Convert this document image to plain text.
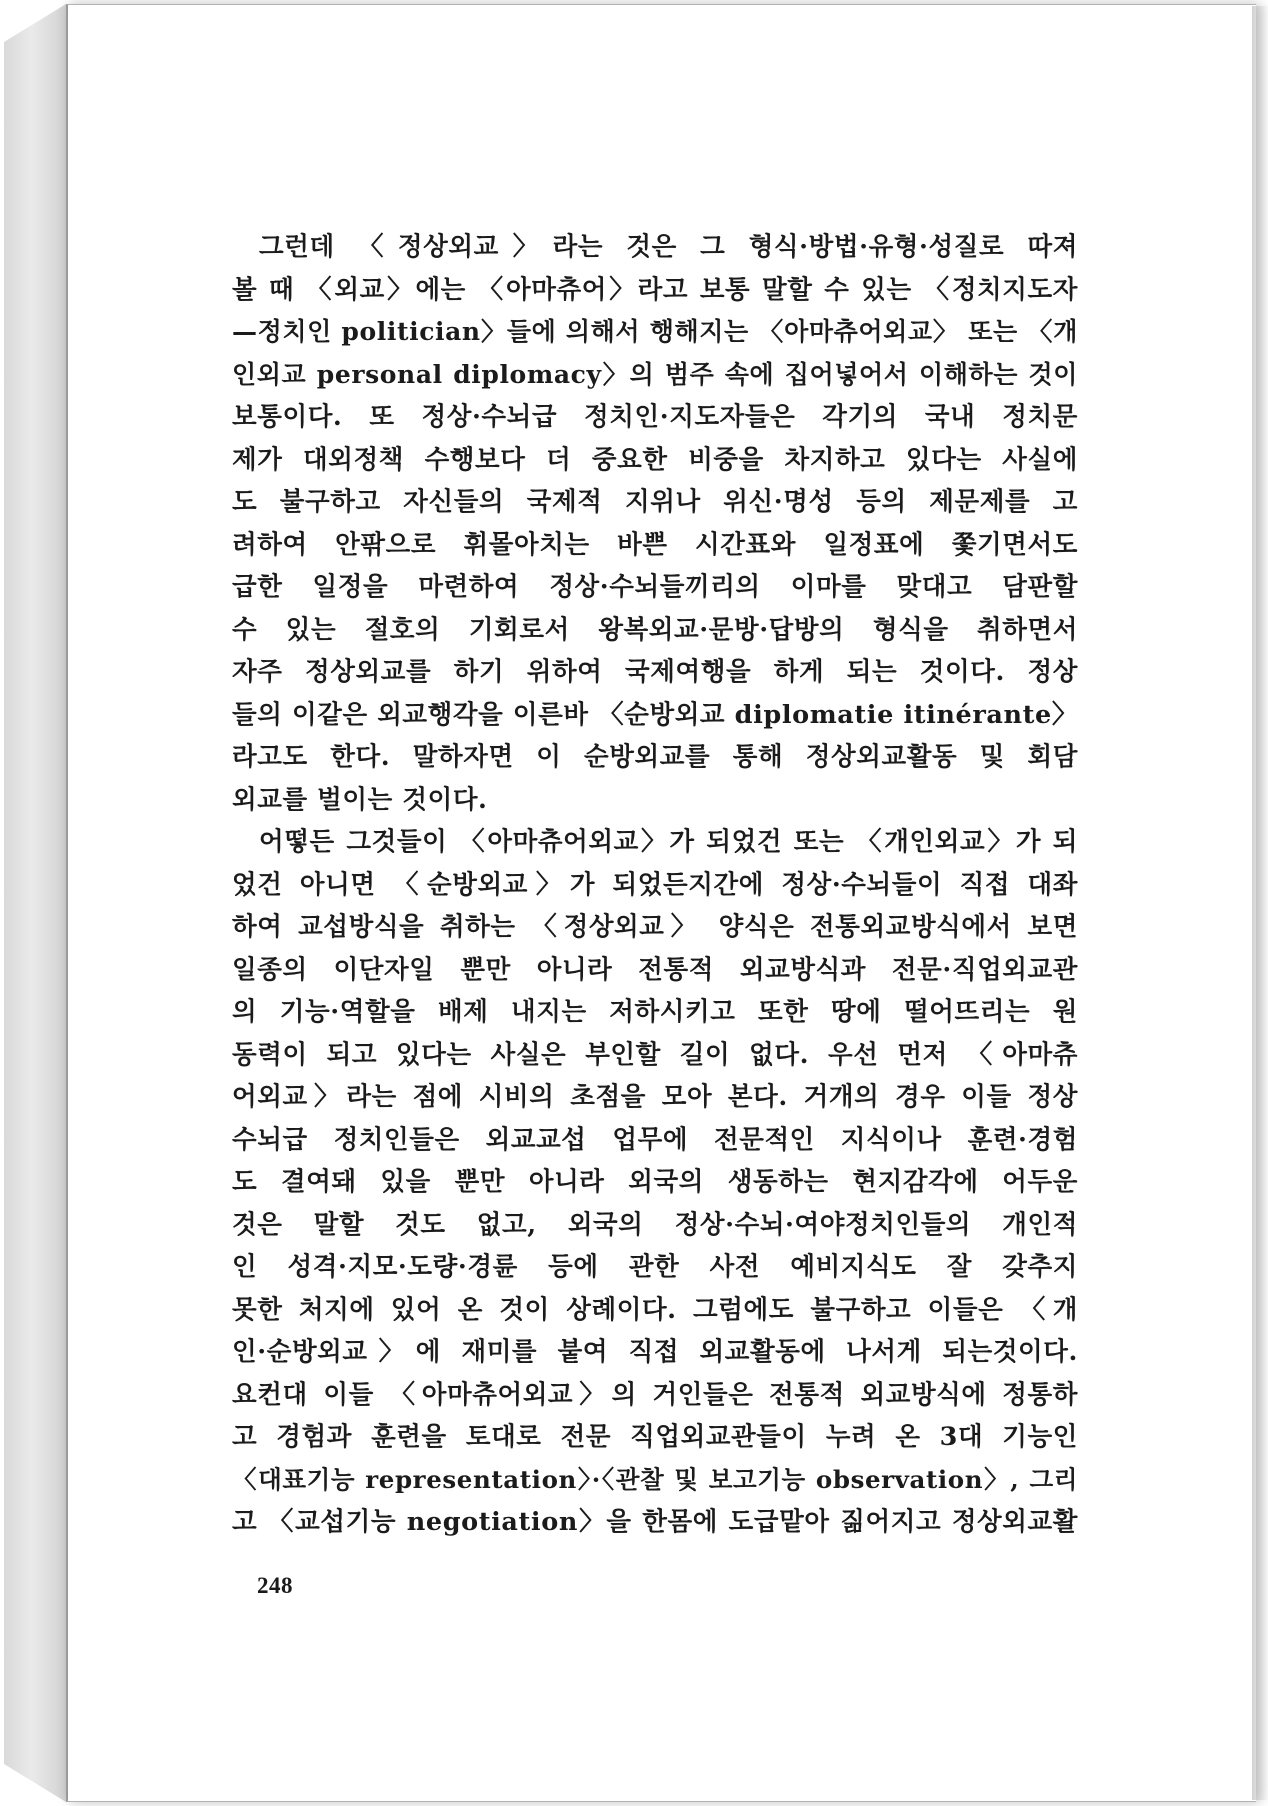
그런데 〈정상외교〉라는 것은 그 형식·방법·유형·성질로 따져
볼 때 〈외교〉에는 〈아마츄어〉라고 보통 말할 수 있는 〈정치지도자
—정치인 politician〉들에 의해서 행해지는 〈아마츄어외교〉 또는 〈개
인외교 personal diplomacy〉의 범주 속에 집어넣어서 이해하는 것이
보통이다. 또 정상·수뇌급 정치인·지도자들은 각기의 국내 정치문
제가 대외정책 수행보다 더 중요한 비중을 차지하고 있다는 사실에
도 불구하고 자신들의 국제적 지위나 위신·명성 등의 제문제를 고
려하여 안팎으로 휘몰아치는 바쁜 시간표와 일정표에 쫓기면서도
급한 일정을 마련하여 정상·수뇌들끼리의 이마를 맞대고 담판할
수 있는 절호의 기회로서 왕복외교·문방·답방의 형식을 취하면서
자주 정상외교를 하기 위하여 국제여행을 하게 되는 것이다. 정상
들의 이같은 외교행각을 이른바 〈순방외교 diplomatie itinérante〉
라고도 한다. 말하자면 이 순방외교를 통해 정상외교활동 및 회담
외교를 벌이는 것이다.
어떻든 그것들이 〈아마츄어외교〉가 되었건 또는 〈개인외교〉가 되
었건 아니면 〈순방외교〉가 되었든지간에 정상·수뇌들이 직접 대좌
하여 교섭방식을 취하는 〈정상외교〉 양식은 전통외교방식에서 보면
일종의 이단자일 뿐만 아니라 전통적 외교방식과 전문·직업외교관
의 기능·역할을 배제 내지는 저하시키고 또한 땅에 떨어뜨리는 원
동력이 되고 있다는 사실은 부인할 길이 없다. 우선 먼저 〈아마츄
어외교〉라는 점에 시비의 초점을 모아 본다. 거개의 경우 이들 정상
수뇌급 정치인들은 외교교섭 업무에 전문적인 지식이나 훈련·경험
도 결여돼 있을 뿐만 아니라 외국의 생동하는 현지감각에 어두운
것은 말할 것도 없고, 외국의 정상·수뇌·여야정치인들의 개인적
인 성격·지모·도량·경륜 등에 관한 사전 예비지식도 잘 갖추지
못한 처지에 있어 온 것이 상례이다. 그럼에도 불구하고 이들은 〈개
인·순방외교〉에 재미를 붙여 직접 외교활동에 나서게 되는것이다.
요컨대 이들 〈아마츄어외교〉의 거인들은 전통적 외교방식에 정통하
고 경험과 훈련을 토대로 전문 직업외교관들이 누려 온 3대 기능인
〈대표기능 representation〉·〈관찰 및 보고기능 observation〉, 그리
고 〈교섭기능 negotiation〉을 한몸에 도급맡아 짊어지고 정상외교활
248
